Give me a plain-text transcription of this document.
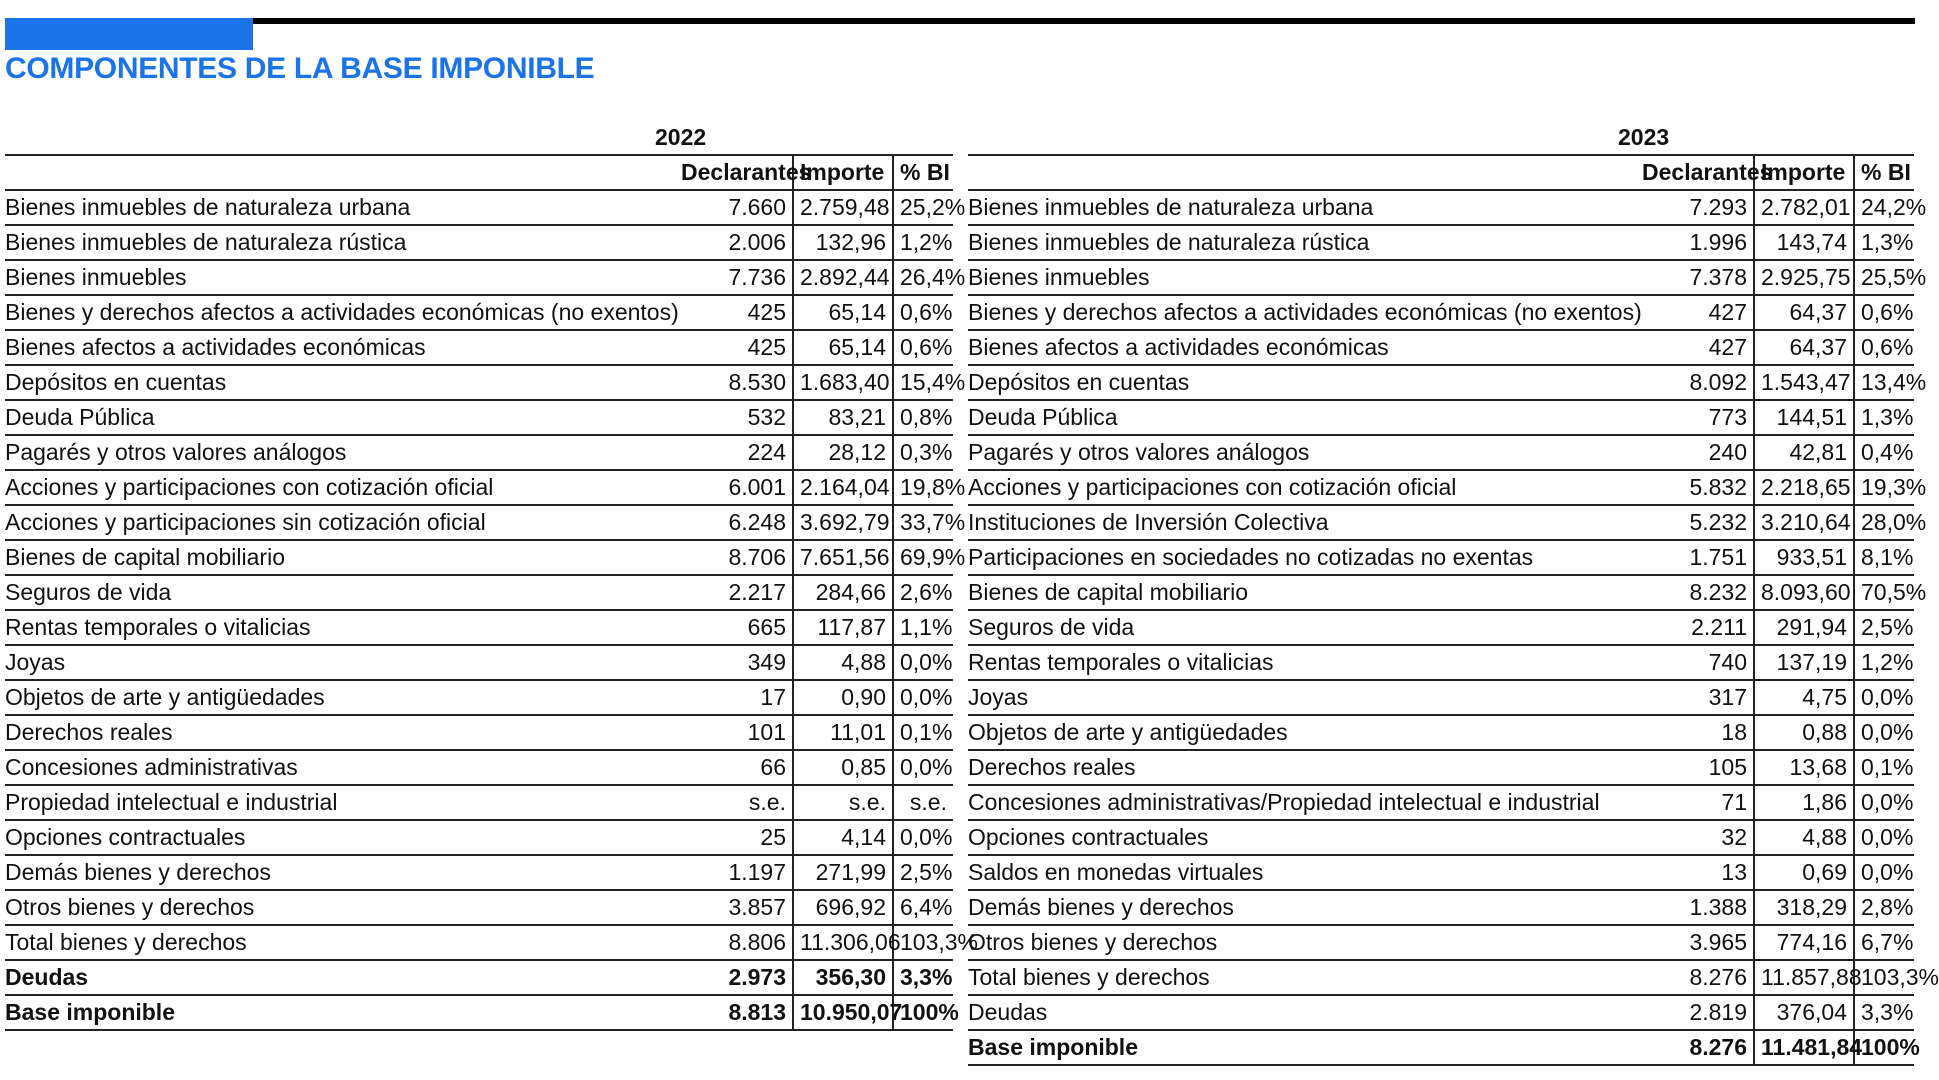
COMPONENTES DE LA BASE IMPONIBLE
2022
	Declarantes	Importe	% BI
Bienes inmuebles de naturaleza urbana	7.660	2.759,48	25,2%
Bienes inmuebles de naturaleza rústica	2.006	132,96	1,2%
Bienes inmuebles	7.736	2.892,44	26,4%
Bienes y derechos afectos a actividades económicas (no exentos)	425	65,14	0,6%
Bienes afectos a actividades económicas	425	65,14	0,6%
Depósitos en cuentas	8.530	1.683,40	15,4%
Deuda Pública	532	83,21	0,8%
Pagarés y otros valores análogos	224	28,12	0,3%
Acciones y participaciones con cotización oficial	6.001	2.164,04	19,8%
Acciones y participaciones sin cotización oficial	6.248	3.692,79	33,7%
Bienes de capital mobiliario	8.706	7.651,56	69,9%
Seguros de vida	2.217	284,66	2,6%
Rentas temporales o vitalicias	665	117,87	1,1%
Joyas	349	4,88	0,0%
Objetos de arte y antigüedades	17	0,90	0,0%
Derechos reales	101	11,01	0,1%
Concesiones administrativas	66	0,85	0,0%
Propiedad intelectual e industrial	s.e.	s.e.	s.e.
Opciones contractuales	25	4,14	0,0%
Demás bienes y derechos	1.197	271,99	2,5%
Otros bienes y derechos	3.857	696,92	6,4%
Total bienes y derechos	8.806	11.306,06	103,3%
Deudas	2.973	356,30	3,3%
Base imponible	8.813	10.950,07	100%
2023
	Declarantes	Importe	% BI
Bienes inmuebles de naturaleza urbana	7.293	2.782,01	24,2%
Bienes inmuebles de naturaleza rústica	1.996	143,74	1,3%
Bienes inmuebles	7.378	2.925,75	25,5%
Bienes y derechos afectos a actividades económicas (no exentos)	427	64,37	0,6%
Bienes afectos a actividades económicas	427	64,37	0,6%
Depósitos en cuentas	8.092	1.543,47	13,4%
Deuda Pública	773	144,51	1,3%
Pagarés y otros valores análogos	240	42,81	0,4%
Acciones y participaciones con cotización oficial	5.832	2.218,65	19,3%
Instituciones de Inversión Colectiva	5.232	3.210,64	28,0%
Participaciones en sociedades no cotizadas no exentas	1.751	933,51	8,1%
Bienes de capital mobiliario	8.232	8.093,60	70,5%
Seguros de vida	2.211	291,94	2,5%
Rentas temporales o vitalicias	740	137,19	1,2%
Joyas	317	4,75	0,0%
Objetos de arte y antigüedades	18	0,88	0,0%
Derechos reales	105	13,68	0,1%
Concesiones administrativas/Propiedad intelectual e industrial	71	1,86	0,0%
Opciones contractuales	32	4,88	0,0%
Saldos en monedas virtuales	13	0,69	0,0%
Demás bienes y derechos	1.388	318,29	2,8%
Otros bienes y derechos	3.965	774,16	6,7%
Total bienes y derechos	8.276	11.857,88	103,3%
Deudas	2.819	376,04	3,3%
Base imponible	8.276	11.481,84	100%
